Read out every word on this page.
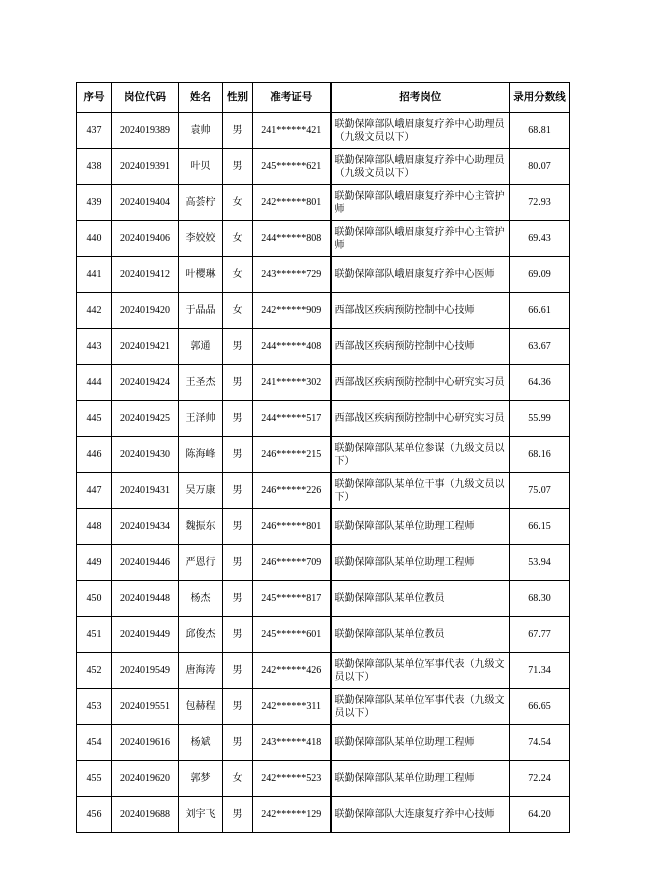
序号	岗位代码	姓名	性别	准考证号	招考岗位	录用分数线
437	2024019389	袁帅	男	241******421	联勤保障部队峨眉康复疗养中心助理员（九级文员以下）	68.81
438	2024019391	叶贝	男	245******621	联勤保障部队峨眉康复疗养中心助理员（九级文员以下）	80.07
439	2024019404	高荟柠	女	242******801	联勤保障部队峨眉康复疗养中心主管护师	72.93
440	2024019406	李姣姣	女	244******808	联勤保障部队峨眉康复疗养中心主管护师	69.43
441	2024019412	叶樱琳	女	243******729	联勤保障部队峨眉康复疗养中心医师	69.09
442	2024019420	于晶晶	女	242******909	西部战区疾病预防控制中心技师	66.61
443	2024019421	郭通	男	244******408	西部战区疾病预防控制中心技师	63.67
444	2024019424	王圣杰	男	241******302	西部战区疾病预防控制中心研究实习员	64.36
445	2024019425	王泽帅	男	244******517	西部战区疾病预防控制中心研究实习员	55.99
446	2024019430	陈海峰	男	246******215	联勤保障部队某单位参谋（九级文员以下）	68.16
447	2024019431	吴万康	男	246******226	联勤保障部队某单位干事（九级文员以下）	75.07
448	2024019434	魏振东	男	246******801	联勤保障部队某单位助理工程师	66.15
449	2024019446	严恩行	男	246******709	联勤保障部队某单位助理工程师	53.94
450	2024019448	杨杰	男	245******817	联勤保障部队某单位教员	68.30
451	2024019449	邱俊杰	男	245******601	联勤保障部队某单位教员	67.77
452	2024019549	唐海涛	男	242******426	联勤保障部队某单位军事代表（九级文员以下）	71.34
453	2024019551	包赫程	男	242******311	联勤保障部队某单位军事代表（九级文员以下）	66.65
454	2024019616	杨斌	男	243******418	联勤保障部队某单位助理工程师	74.54
455	2024019620	郭梦	女	242******523	联勤保障部队某单位助理工程师	72.24
456	2024019688	刘宇飞	男	242******129	联勤保障部队大连康复疗养中心技师	64.20
